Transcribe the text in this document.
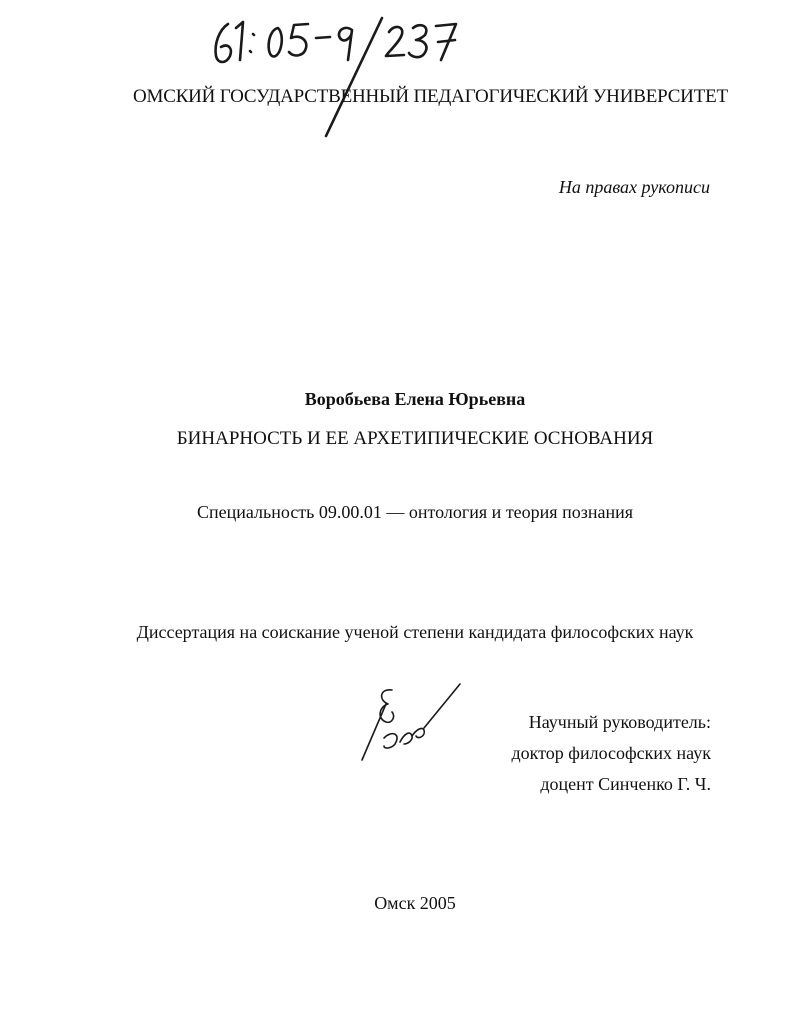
ОМСКИЙ ГОСУДАРСТВЕННЫЙ ПЕДАГОГИЧЕСКИЙ УНИВЕРСИТЕТ
На правах рукописи
Воробьева Елена Юрьевна
БИНАРНОСТЬ И ЕЕ АРХЕТИПИЧЕСКИЕ ОСНОВАНИЯ
Специальность 09.00.01 — онтология и теория познания
Диссертация на соискание ученой степени кандидата философских наук
Научный руководитель:
доктор философских наук
доцент Синченко Г. Ч.
Омск 2005
